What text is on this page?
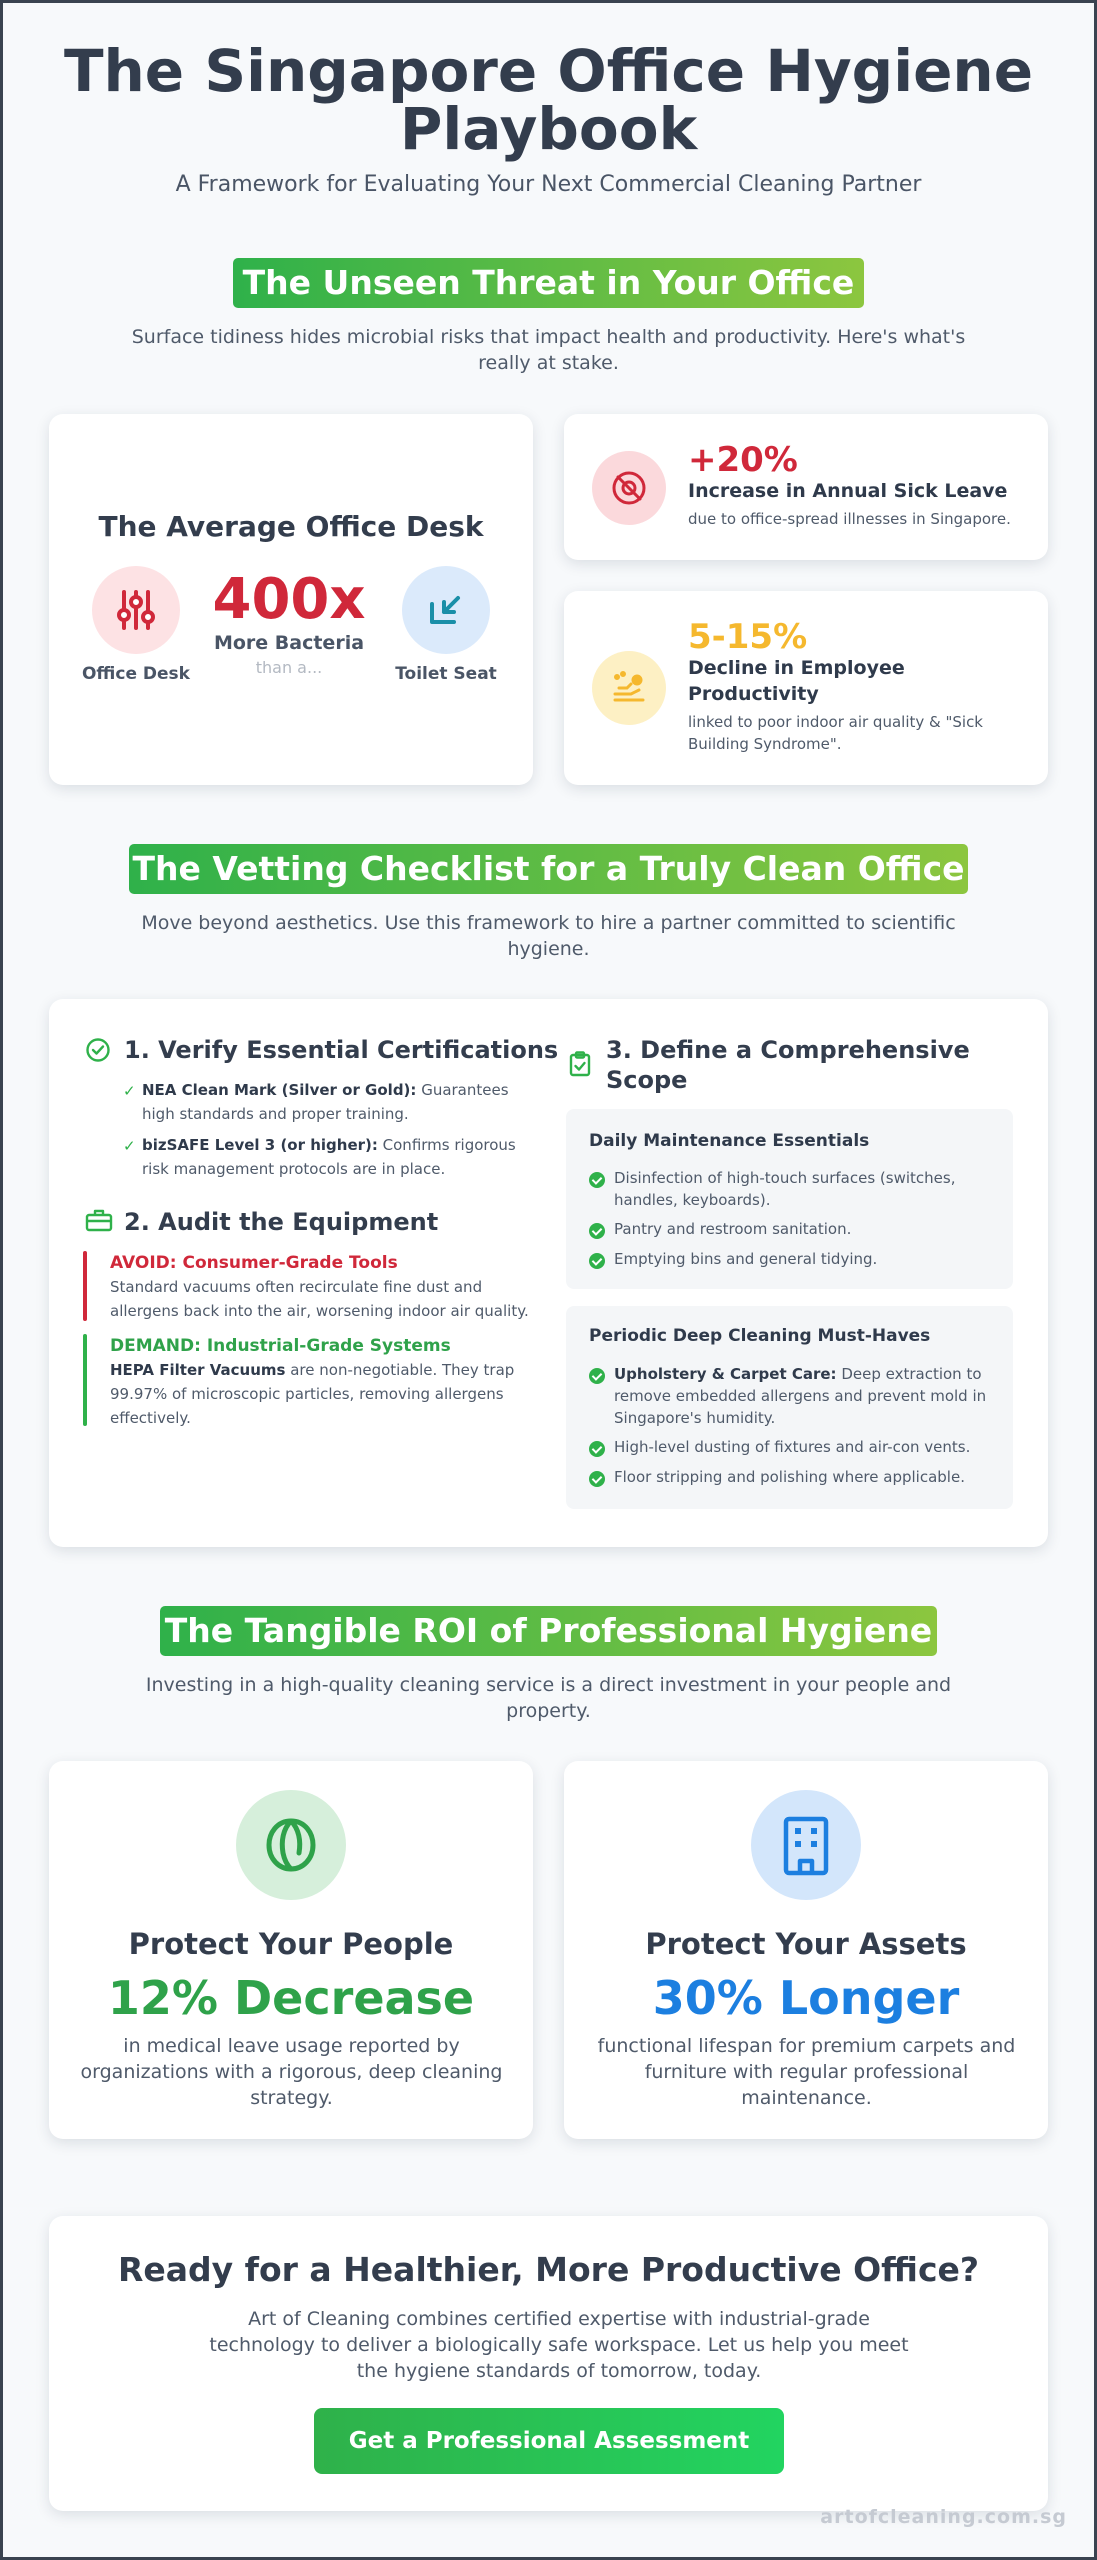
The Singapore Office Hygiene
Playbook
A Framework for Evaluating Your Next Commercial Cleaning Partner
The Unseen Threat in Your Office
Surface tidiness hides microbial risks that impact health and productivity. Here's what's really at stake.
The Average Office Desk
Office Desk
400x
More Bacteria
than a...	Toilet Seat
+20%
Increase in Annual Sick Leave
due to office-spread illnesses in Singapore.
5-15%
Decline in Employee
Productivity
linked to poor indoor air quality & "Sick
Building Syndrome".
The Vetting Checklist for a Truly Clean Office
Move beyond aesthetics. Use this framework to hire a partner committed to scientific hygiene.
1. Verify Essential Certifications
✓ NEA Clean Mark (Silver or Gold): Guarantees
high standards and proper training.
✓ bizSAFE Level 3 (or higher): Confirms rigorous
risk management protocols are in place.
2. Audit the Equipment
AVOID: Consumer-Grade Tools
Standard vacuums often recirculate fine dust and
allergens back into the air, worsening indoor air quality.
DEMAND: Industrial-Grade Systems
HEPA Filter Vacuums are non-negotiable. They trap
99.97% of microscopic particles, removing allergens
effectively.
3. Define a Comprehensive
Scope
Daily Maintenance Essentials
Disinfection of high-touch surfaces (switches,
handles, keyboards).
Pantry and restroom sanitation.
Emptying bins and general tidying.
Periodic Deep Cleaning Must-Haves
Upholstery & Carpet Care: Deep extraction to
remove embedded allergens and prevent mold in
Singapore's humidity.
High-level dusting of fixtures and air-con vents.
Floor stripping and polishing where applicable.
The Tangible ROI of Professional Hygiene
Investing in a high-quality cleaning service is a direct investment in your people and property.
Protect Your People
12% Decrease
in medical leave usage reported by
organizations with a rigorous, deep cleaning
strategy.
Protect Your Assets
30% Longer
functional lifespan for premium carpets and
furniture with regular professional
maintenance.
Ready for a Healthier, More Productive Office?
Art of Cleaning combines certified expertise with industrial-grade
technology to deliver a biologically safe workspace. Let us help you meet
the hygiene standards of tomorrow, today.
Get a Professional Assessment
artofcleaning.com.sg
